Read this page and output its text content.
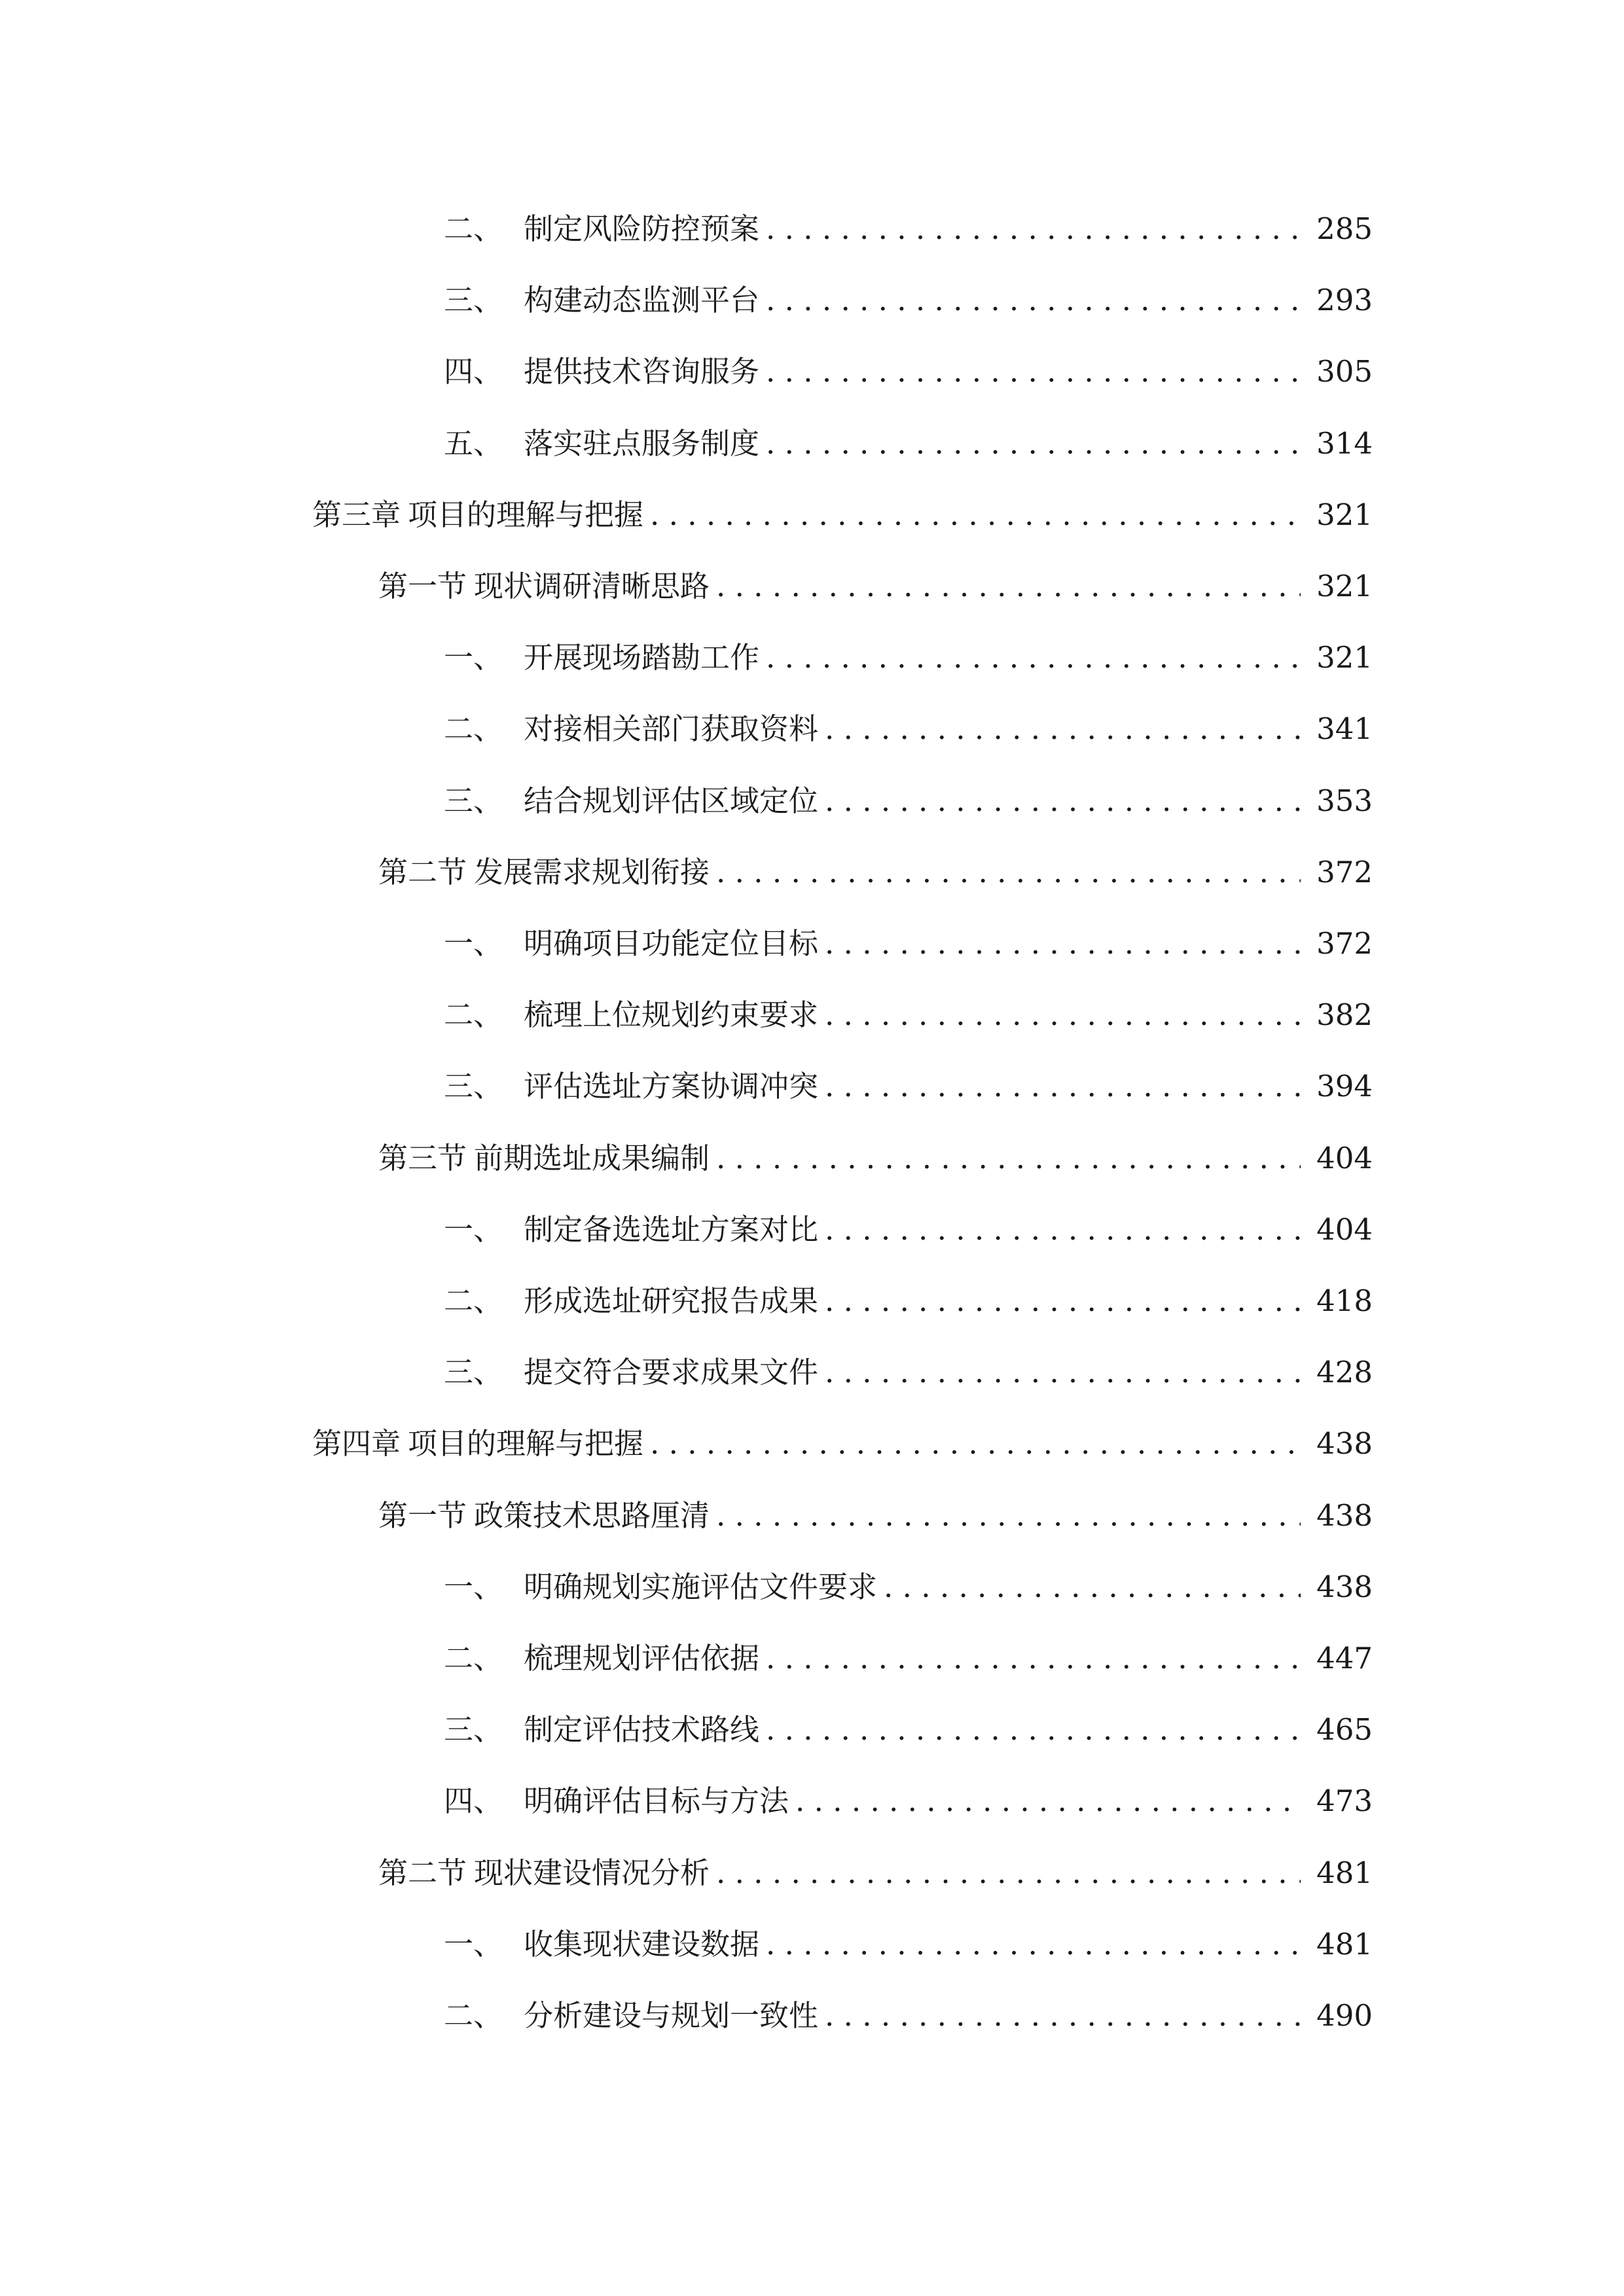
二、 制定风险防控预案 . . .	285
三、 构建动态监测平台 . . .	293
四、 提供技术咨询服务 . . .	305
五、 落实驻点服务制度 . . .	314
第三章 项目的理解与把握 . . .	321
第一节 现状调研清晰思路 . . .	321
一、 开展现场踏勘工作 . . .	321
二、 对接相关部门获取资料 . . .	341
三、 结合规划评估区域定位 . . .	353
第二节 发展需求规划衔接 . . .	372
一、 明确项目功能定位目标 . . .	372
二、 梳理上位规划约束要求 . . .	382
三、 评估选址方案协调冲突 . . .	394
第三节 前期选址成果编制 . . .	404
一、 制定备选选址方案对比 . . .	404
二、 形成选址研究报告成果 . . .	418
三、 提交符合要求成果文件 . . .	428
第四章 项目的理解与把握 . . .	438
第一节 政策技术思路厘清 . . .	438
一、 明确规划实施评估文件要求 . . .	438
二、 梳理规划评估依据 . . .	447
三、 制定评估技术路线 . . .	465
四、 明确评估目标与方法 . . .	473
第二节 现状建设情况分析 . . .	481
一、 收集现状建设数据 . . .	481
二、 分析建设与规划一致性 . . .	490
